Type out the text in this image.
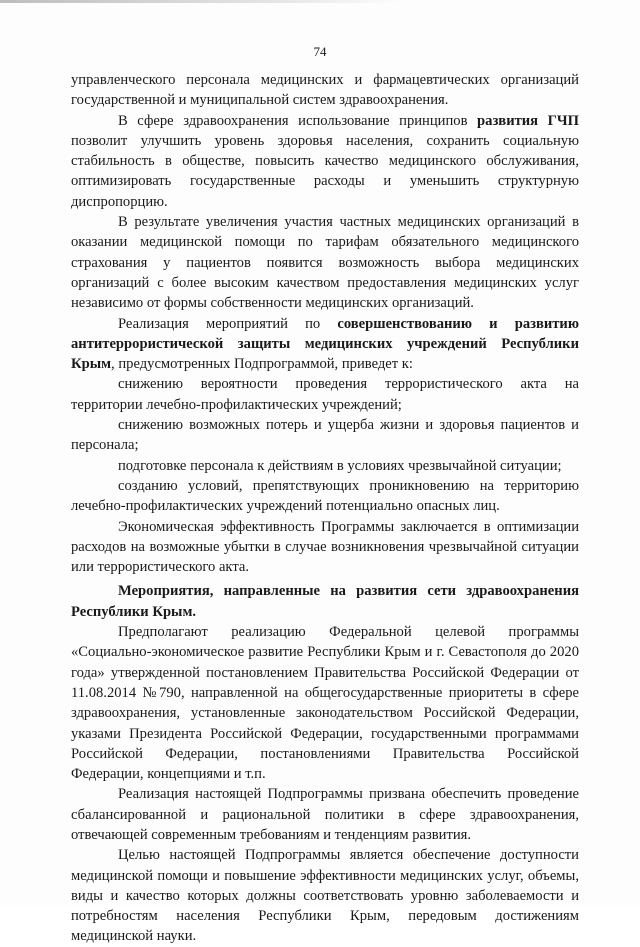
74

управленческого персонала медицинских и фармацевтических организаций государственной и муниципальной систем здравоохранения.

В сфере здравоохранения использование принципов развития ГЧП позволит улучшить уровень здоровья населения, сохранить социальную стабильность в обществе, повысить качество медицинского обслуживания, оптимизировать государственные расходы и уменьшить структурную диспропорцию.

В результате увеличения участия частных медицинских организаций в оказании медицинской помощи по тарифам обязательного медицинского страхования у пациентов появится возможность выбора медицинских организаций с более высоким качеством предоставления медицинских услуг независимо от формы собственности медицинских организаций.

Реализация мероприятий по совершенствованию и развитию антитеррористической защиты медицинских учреждений Республики Крым, предусмотренных Подпрограммой, приведет к:

снижению вероятности проведения террористического акта на территории лечебно-профилактических учреждений;

снижению возможных потерь и ущерба жизни и здоровья пациентов и персонала;

подготовке персонала к действиям в условиях чрезвычайной ситуации;

созданию условий, препятствующих проникновению на территорию лечебно-профилактических учреждений потенциально опасных лиц.

Экономическая эффективность Программы заключается в оптимизации расходов на возможные убытки в случае возникновения чрезвычайной ситуации или террористического акта.

Мероприятия, направленные на развития сети здравоохранения Республики Крым.

Предполагают реализацию Федеральной целевой программы «Социально-экономическое развитие Республики Крым и г. Севастополя до 2020 года» утвержденной постановлением Правительства Российской Федерации от 11.08.2014 №790, направленной на общегосударственные приоритеты в сфере здравоохранения, установленные законодательством Российской Федерации, указами Президента Российской Федерации, государственными программами Российской Федерации, постановлениями Правительства Российской Федерации, концепциями и т.п.

Реализация настоящей Подпрограммы призвана обеспечить проведение сбалансированной и рациональной политики в сфере здравоохранения, отвечающей современным требованиям и тенденциям развития.

Целью настоящей Подпрограммы является обеспечение доступности медицинской помощи и повышение эффективности медицинских услуг, объемы, виды и качество которых должны соответствовать уровню заболеваемости и потребностям населения Республики Крым, передовым достижениям медицинской науки.
